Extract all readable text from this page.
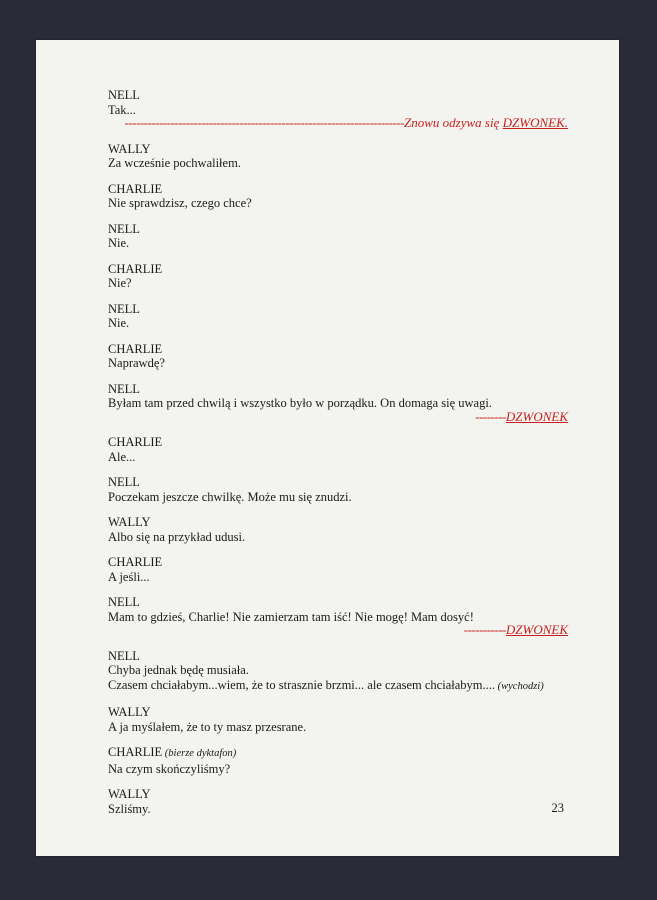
NELL
Tak...
-------------------------------------------------------------------------Znowu odzywa się DZWONEK.
WALLY
Za wcześnie pochwaliłem.
CHARLIE
Nie sprawdzisz, czego chce?
NELL
Nie.
CHARLIE
Nie?
NELL
Nie.
CHARLIE
Naprawdę?
NELL
Byłam tam przed chwilą i wszystko było w porządku. On domaga się uwagi.
--------DZWONEK
CHARLIE
Ale...
NELL
Poczekam jeszcze chwilkę. Może mu się znudzi.
WALLY
Albo się na przykład udusi.
CHARLIE
A jeśli...
NELL
Mam to gdzieś, Charlie! Nie zamierzam tam iść! Nie mogę! Mam dosyć!
-----------DZWONEK
NELL
Chyba jednak będę musiała.
Czasem chciałabym...wiem, że to strasznie brzmi... ale czasem chciałabym.... (wychodzi)
WALLY
A ja myślałem, że to ty masz przesrane.
CHARLIE (bierze dyktafon)
Na czym skończyliśmy?
WALLY
Szliśmy.	23
